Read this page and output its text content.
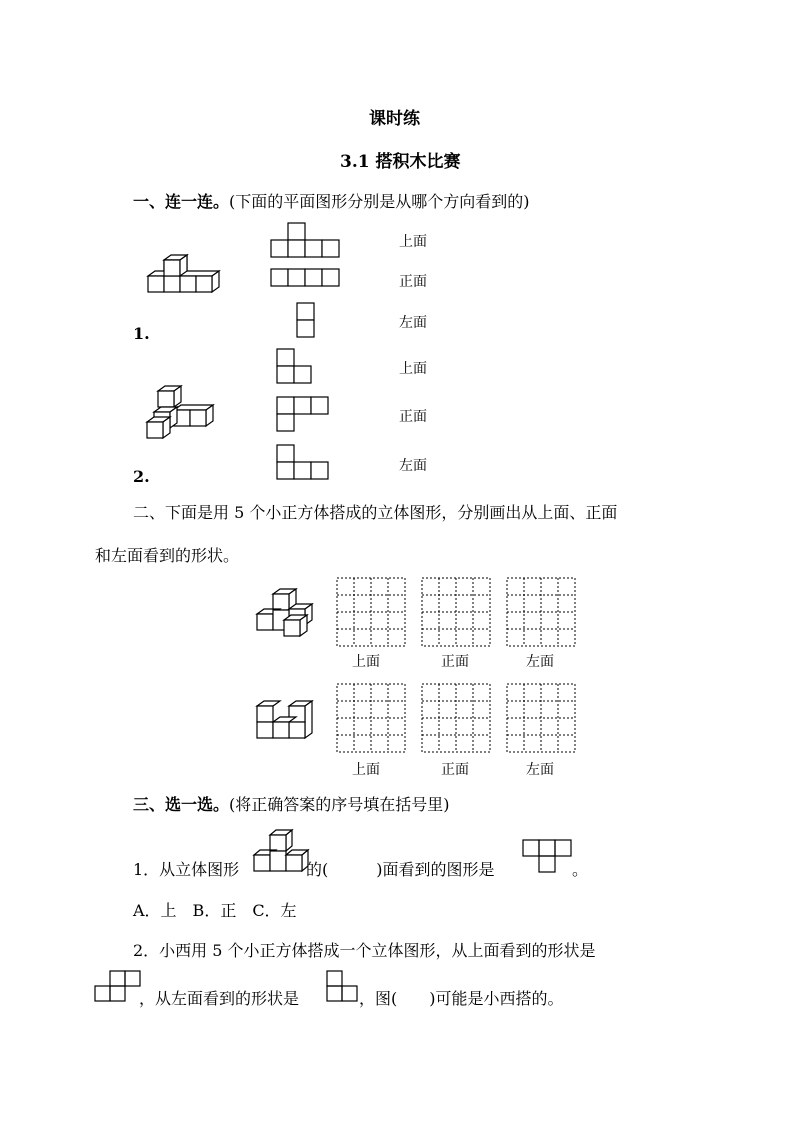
课时练
3.1 搭积木比赛
一、连一连。(下面的平面图形分别是从哪个方向看到的)
1.
上面
正面
左面
2.
上面
正面
左面
二、下面是用 5 个小正方体搭成的立体图形，分别画出从上面、正面
和左面看到的形状。
上面	正面	左面
上面	正面	左面
三、选一选。(将正确答案的序号填在括号里)
1．从立体图形	的(　　　)面看到的图形是	。
A．上　B．正　C．左
2．小西用 5 个小正方体搭成一个立体图形，从上面看到的形状是
，从左面看到的形状是	，图(　　)可能是小西搭的。
